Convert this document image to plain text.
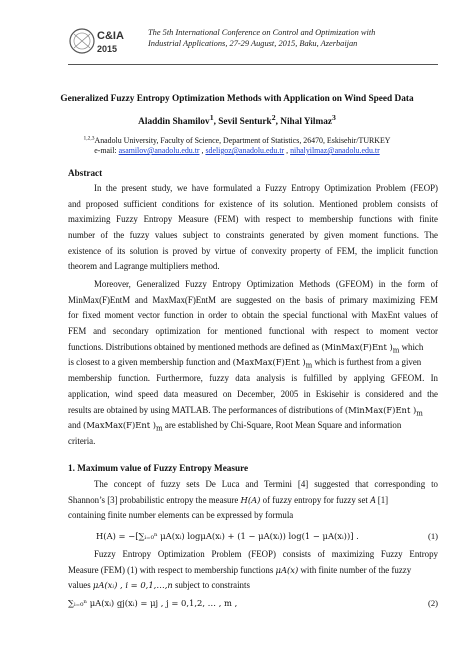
C&IA
2015
The 5th International Conference on Control and Optimization with
Industrial Applications, 27-29 August, 2015, Baku, Azerbaijan
Generalized Fuzzy Entropy Optimization Methods with Application on Wind Speed Data
Aladdin Shamilov$^1$, Sevil Senturk$^2$, Nihal Yilmaz$^3$
$^{1,2,3}$Anadolu University, Faculty of Science, Department of Statistics, 26470, Eskisehir/TURKEY
e-mail: asamilov@anadolu.edu.tr , sdeligoz@anadolu.edu.tr , nihalyilmaz@anadolu.edu.tr
Abstract
In the present study, we have formulated a Fuzzy Entropy Optimization Problem (FEOP)
and proposed sufficient conditions for existence of its solution. Mentioned problem consists of
maximizing Fuzzy Entropy Measure (FEM) with respect to membership functions with finite
number of the fuzzy values subject to constraints generated by given moment functions. The
existence of its solution is proved by virtue of convexity property of FEM, the implicit function
theorem and Lagrange multipliers method.
Moreover, Generalized Fuzzy Entropy Optimization Methods (GFEOM) in the form of
MinMax(F)EntM and MaxMax(F)EntM are suggested on the basis of primary maximizing FEM
for fixed moment vector function in order to obtain the special functional with MaxEnt values of
FEM and secondary optimization for mentioned functional with respect to moment vector
functions. Distributions obtained by mentioned methods are defined as (MinMax(F)Ent )$_m$ which
is closest to a given membership function and (MaxMax(F)Ent )$_m$ which is furthest from a given
membership function. Furthermore, fuzzy data analysis is fulfilled by applying GFEOM. In
application, wind speed data measured on December, 2005 in Eskisehir is considered and the
results are obtained by using MATLAB. The performances of distributions of (MinMax(F)Ent )$_m$
and (MaxMax(F)Ent )$_m$ are established by Chi-Square, Root Mean Square and information
criteria.
1. Maximum value of Fuzzy Entropy Measure
The concept of fuzzy sets De Luca and Termini [4] suggested that corresponding to
Shannon’s [3] probabilistic entropy the measure H(A) of fuzzy entropy for fuzzy set A [1]
containing finite number elements can be expressed by formula
H(A) = −[∑ᵢ₌₀ⁿ μA(xᵢ) logμA(xᵢ) + (1 − μA(xᵢ)) log(1 − μA(xᵢ))] .	(1)
Fuzzy Entropy Optimization Problem (FEOP) consists of maximizing Fuzzy Entropy
Measure (FEM) (1) with respect to membership functions μA(x) with finite number of the fuzzy
values μA(xᵢ) , i = 0,1,…,n subject to constraints
∑ᵢ₌₀ⁿ μA(xᵢ) gj(xᵢ) = μj , j = 0,1,2, … , m ,	(2)
